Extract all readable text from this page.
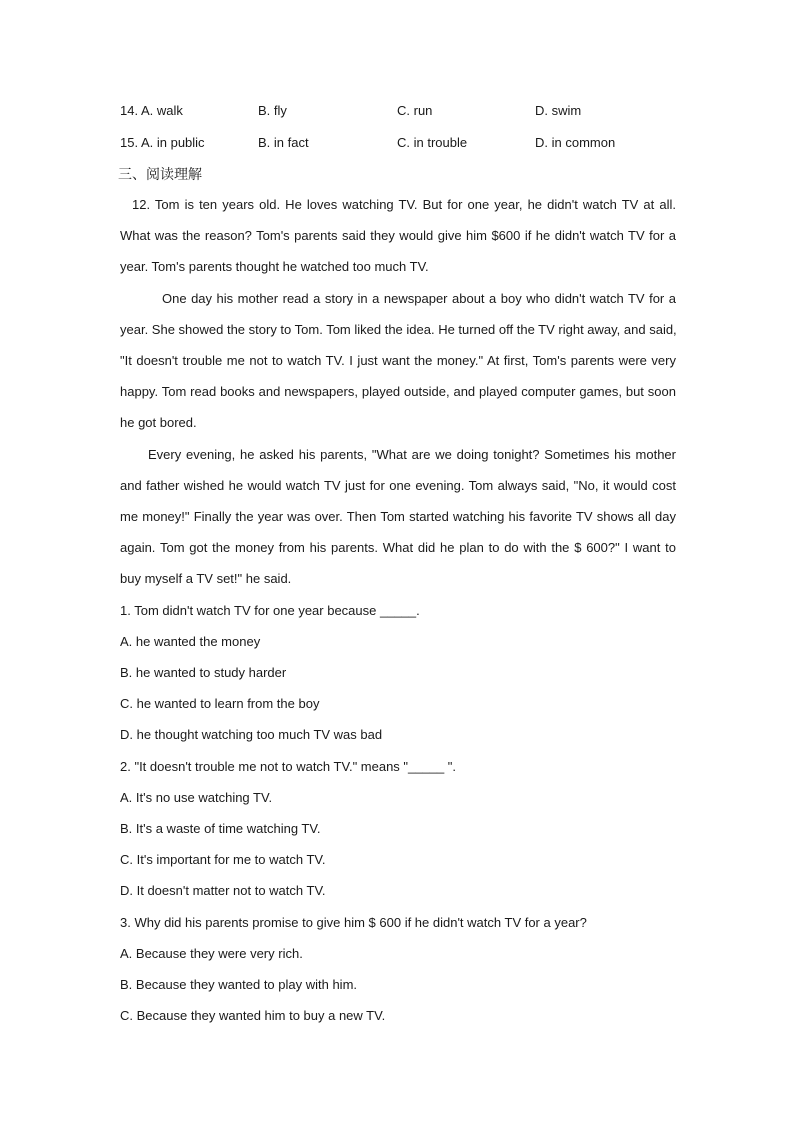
14. A. walk	B. fly	C. run	D. swim
15. A. in public	B. in fact	C. in trouble	D. in common
三、阅读理解
12. Tom is ten years old. He loves watching TV. But for one year, he didn't watch TV at all.
What was the reason? Tom's parents said they would give him $600 if he didn't watch TV for a
year. Tom's parents thought he watched too much TV.
One day his mother read a story in a newspaper about a boy who didn't watch TV for a
year. She showed the story to Tom. Tom liked the idea. He turned off the TV right away, and said,
"It doesn't trouble me not to watch TV. I just want the money." At first, Tom's parents were very
happy. Tom read books and newspapers, played outside, and played computer games, but soon
he got bored.
Every evening, he asked his parents, "What are we doing tonight? Sometimes his mother
and father wished he would watch TV just for one evening. Tom always said, "No, it would cost
me money!" Finally the year was over. Then Tom started watching his favorite TV shows all day
again. Tom got the money from his parents. What did he plan to do with the $ 600?" I want to
buy myself a TV set!" he said.
1. Tom didn't watch TV for one year because _____.
A. he wanted the money
B. he wanted to study harder
C. he wanted to learn from the boy
D. he thought watching too much TV was bad
2. "It doesn't trouble me not to watch TV." means "_____ ".
A. It's no use watching TV.
B. It's a waste of time watching TV.
C. It's important for me to watch TV.
D. It doesn't matter not to watch TV.
3. Why did his parents promise to give him $ 600 if he didn't watch TV for a year?
A. Because they were very rich.
B. Because they wanted to play with him.
C. Because they wanted him to buy a new TV.
